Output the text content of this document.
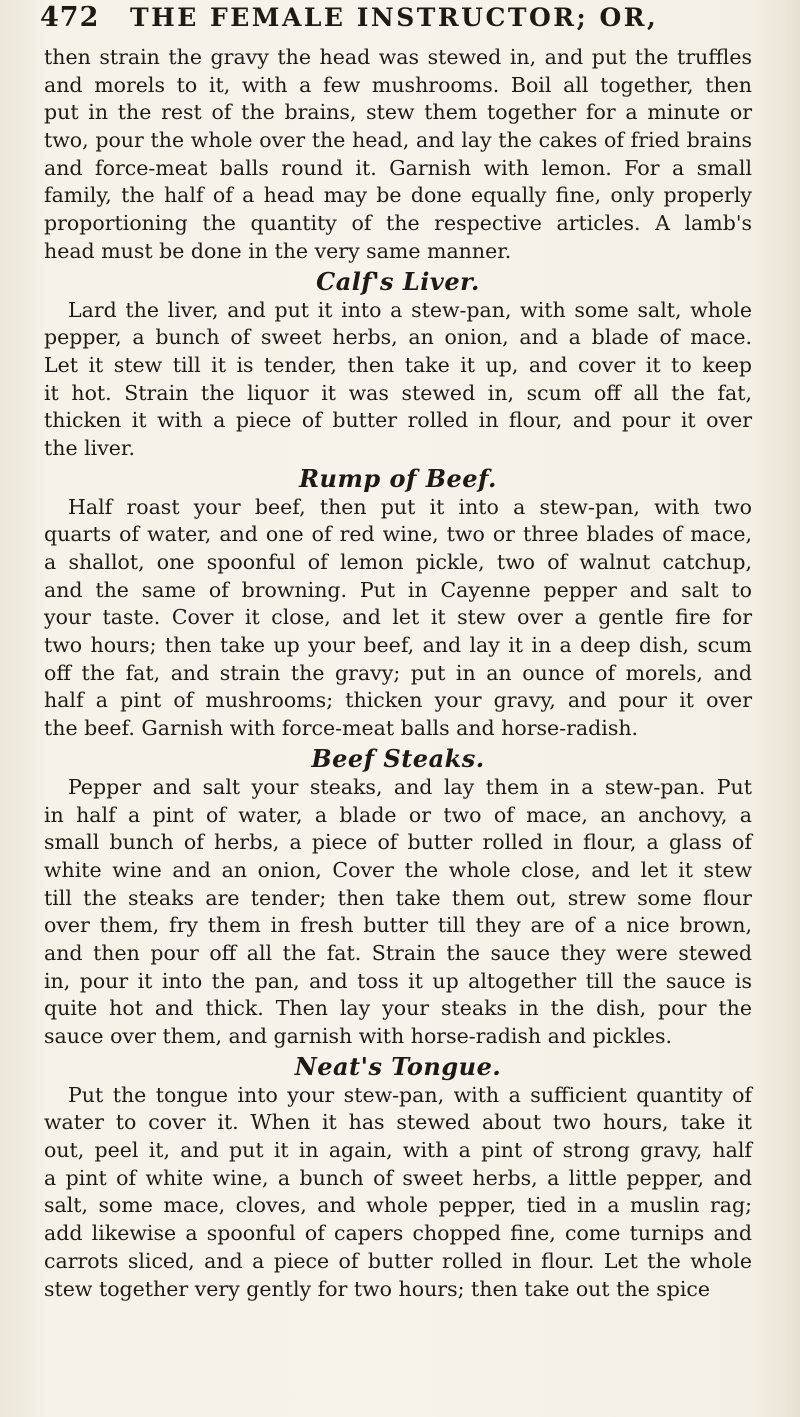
472	THE FEMALE INSTRUCTOR; OR,
then strain the gravy the head was stewed in, and put the truffles
and morels to it, with a few mushrooms. Boil all together, then
put in the rest of the brains, stew them together for a minute or
two, pour the whole over the head, and lay the cakes of fried brains
and force-meat balls round it. Garnish with lemon. For a small
family, the half of a head may be done equally fine, only properly
proportioning the quantity of the respective articles. A lamb's
head must be done in the very same manner.
Calf's Liver.
Lard the liver, and put it into a stew-pan, with some salt, whole
pepper, a bunch of sweet herbs, an onion, and a blade of mace.
Let it stew till it is tender, then take it up, and cover it to keep
it hot. Strain the liquor it was stewed in, scum off all the fat,
thicken it with a piece of butter rolled in flour, and pour it over
the liver.
Rump of Beef.
Half roast your beef, then put it into a stew-pan, with two
quarts of water, and one of red wine, two or three blades of mace,
a shallot, one spoonful of lemon pickle, two of walnut catchup,
and the same of browning. Put in Cayenne pepper and salt to
your taste. Cover it close, and let it stew over a gentle fire for
two hours; then take up your beef, and lay it in a deep dish, scum
off the fat, and strain the gravy; put in an ounce of morels, and
half a pint of mushrooms; thicken your gravy, and pour it over
the beef. Garnish with force-meat balls and horse-radish.
Beef Steaks.
Pepper and salt your steaks, and lay them in a stew-pan. Put
in half a pint of water, a blade or two of mace, an anchovy, a
small bunch of herbs, a piece of butter rolled in flour, a glass of
white wine and an onion, Cover the whole close, and let it stew
till the steaks are tender; then take them out, strew some flour
over them, fry them in fresh butter till they are of a nice brown,
and then pour off all the fat. Strain the sauce they were stewed
in, pour it into the pan, and toss it up altogether till the sauce is
quite hot and thick. Then lay your steaks in the dish, pour the
sauce over them, and garnish with horse-radish and pickles.
Neat's Tongue.
Put the tongue into your stew-pan, with a sufficient quantity of
water to cover it. When it has stewed about two hours, take it
out, peel it, and put it in again, with a pint of strong gravy, half
a pint of white wine, a bunch of sweet herbs, a little pepper, and
salt, some mace, cloves, and whole pepper, tied in a muslin rag;
add likewise a spoonful of capers chopped fine, come turnips and
carrots sliced, and a piece of butter rolled in flour. Let the whole
stew together very gently for two hours; then take out the spice
